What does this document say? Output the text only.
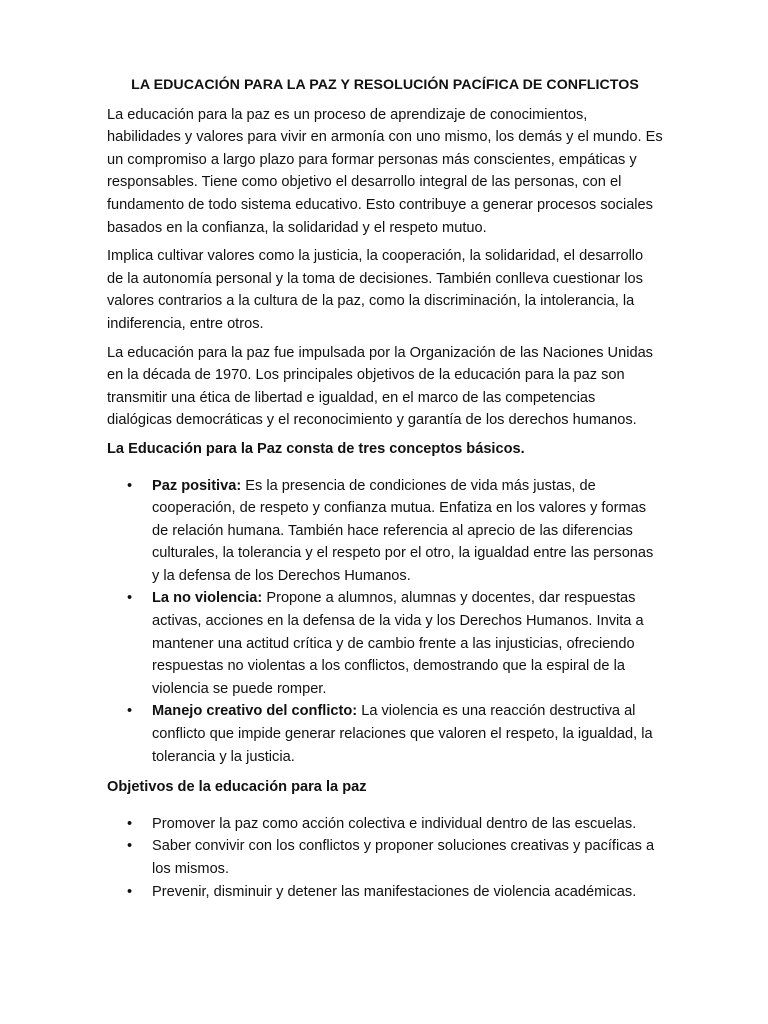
LA EDUCACIÓN PARA LA PAZ Y RESOLUCIÓN PACÍFICA DE CONFLICTOS

La educación para la paz es un proceso de aprendizaje de conocimientos, habilidades y valores para vivir en armonía con uno mismo, los demás y el mundo. Es un compromiso a largo plazo para formar personas más conscientes, empáticas y responsables. Tiene como objetivo el desarrollo integral de las personas, con el fundamento de todo sistema educativo. Esto contribuye a generar procesos sociales basados en la confianza, la solidaridad y el respeto mutuo.

Implica cultivar valores como la justicia, la cooperación, la solidaridad, el desarrollo de la autonomía personal y la toma de decisiones. También conlleva cuestionar los valores contrarios a la cultura de la paz, como la discriminación, la intolerancia, la indiferencia, entre otros.

La educación para la paz fue impulsada por la Organización de las Naciones Unidas en la década de 1970. Los principales objetivos de la educación para la paz son transmitir una ética de libertad e igualdad, en el marco de las competencias dialógicas democráticas y el reconocimiento y garantía de los derechos humanos.

La Educación para la Paz consta de tres conceptos básicos.
• Paz positiva: Es la presencia de condiciones de vida más justas, de cooperación, de respeto y confianza mutua. Enfatiza en los valores y formas de relación humana. También hace referencia al aprecio de las diferencias culturales, la tolerancia y el respeto por el otro, la igualdad entre las personas y la defensa de los Derechos Humanos.
• La no violencia: Propone a alumnos, alumnas y docentes, dar respuestas activas, acciones en la defensa de la vida y los Derechos Humanos. Invita a mantener una actitud crítica y de cambio frente a las injusticias, ofreciendo respuestas no violentas a los conflictos, demostrando que la espiral de la violencia se puede romper.
• Manejo creativo del conflicto: La violencia es una reacción destructiva al conflicto que impide generar relaciones que valoren el respeto, la igualdad, la tolerancia y la justicia.
Objetivos de la educación para la paz
• Promover la paz como acción colectiva e individual dentro de las escuelas.
• Saber convivir con los conflictos y proponer soluciones creativas y pacíficas a los mismos.
• Prevenir, disminuir y detener las manifestaciones de violencia académicas.
